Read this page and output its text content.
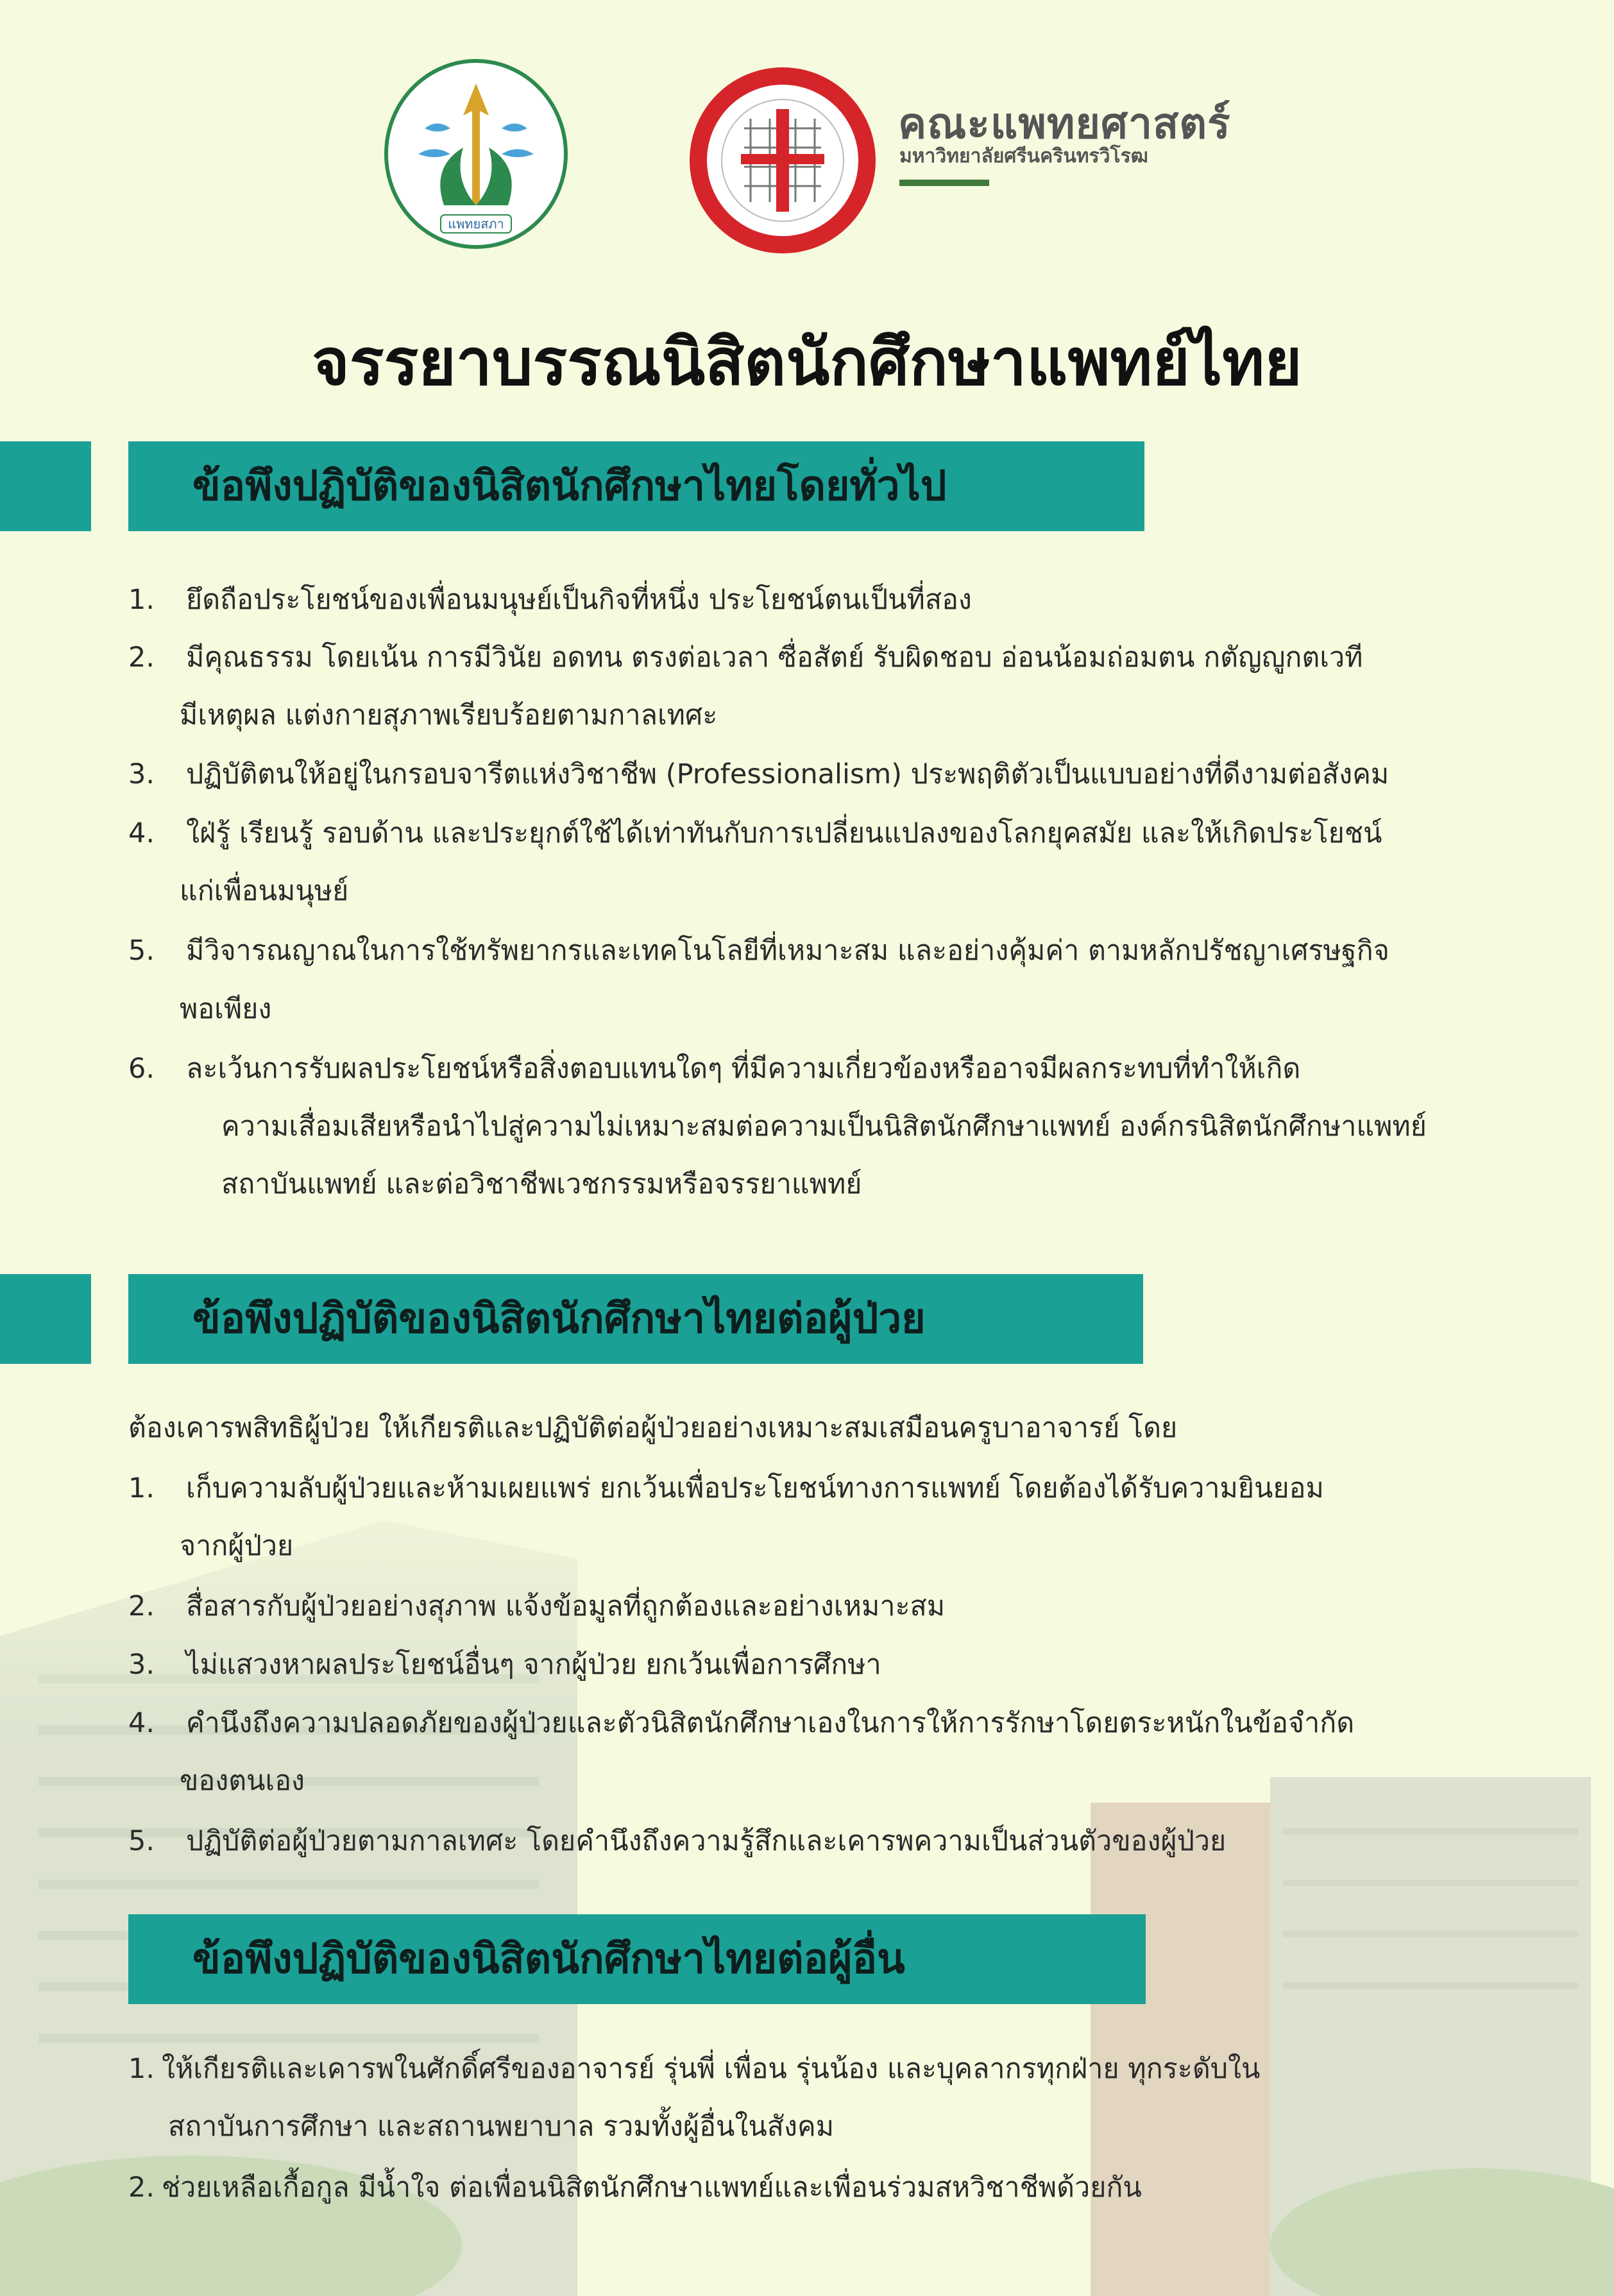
แพทยสภา
คณะแพทยศาสตร์
มหาวิทยาลัยศรีนครินทรวิโรฒ
จรรยาบรรณนิสิตนักศึกษาแพทย์ไทย
ข้อพึงปฏิบัติของนิสิตนักศึกษาไทยโดยทั่วไป
1. ยึดถือประโยชน์ของเพื่อนมนุษย์เป็นกิจที่หนึ่ง ประโยชน์ตนเป็นที่สอง
2. มีคุณธรรม โดยเน้น การมีวินัย อดทน ตรงต่อเวลา ซื่อสัตย์ รับผิดชอบ อ่อนน้อมถ่อมตน กตัญญูกตเวที
มีเหตุผล แต่งกายสุภาพเรียบร้อยตามกาลเทศะ
3. ปฏิบัติตนให้อยู่ในกรอบจารีตแห่งวิชาชีพ (Professionalism) ประพฤติตัวเป็นแบบอย่างที่ดีงามต่อสังคม
4. ใฝ่รู้ เรียนรู้ รอบด้าน และประยุกต์ใช้ได้เท่าทันกับการเปลี่ยนแปลงของโลกยุคสมัย และให้เกิดประโยชน์
แก่เพื่อนมนุษย์
5. มีวิจารณญาณในการใช้ทรัพยากรและเทคโนโลยีที่เหมาะสม และอย่างคุ้มค่า ตามหลักปรัชญาเศรษฐกิจ
พอเพียง
6. ละเว้นการรับผลประโยชน์หรือสิ่งตอบแทนใดๆ ที่มีความเกี่ยวข้องหรืออาจมีผลกระทบที่ทำให้เกิด
ความเสื่อมเสียหรือนำไปสู่ความไม่เหมาะสมต่อความเป็นนิสิตนักศึกษาแพทย์ องค์กรนิสิตนักศึกษาแพทย์
สถาบันแพทย์ และต่อวิชาชีพเวชกรรมหรือจรรยาแพทย์
ข้อพึงปฏิบัติของนิสิตนักศึกษาไทยต่อผู้ป่วย
ต้องเคารพสิทธิผู้ป่วย ให้เกียรติและปฏิบัติต่อผู้ป่วยอย่างเหมาะสมเสมือนครูบาอาจารย์ โดย
1. เก็บความลับผู้ป่วยและห้ามเผยแพร่ ยกเว้นเพื่อประโยชน์ทางการแพทย์ โดยต้องได้รับความยินยอม
จากผู้ป่วย
2. สื่อสารกับผู้ป่วยอย่างสุภาพ แจ้งข้อมูลที่ถูกต้องและอย่างเหมาะสม
3. ไม่แสวงหาผลประโยชน์อื่นๆ จากผู้ป่วย ยกเว้นเพื่อการศึกษา
4. คำนึงถึงความปลอดภัยของผู้ป่วยและตัวนิสิตนักศึกษาเองในการให้การรักษาโดยตระหนักในข้อจำกัด
ของตนเอง
5. ปฏิบัติต่อผู้ป่วยตามกาลเทศะ โดยคำนึงถึงความรู้สึกและเคารพความเป็นส่วนตัวของผู้ป่วย
ข้อพึงปฏิบัติของนิสิตนักศึกษาไทยต่อผู้อื่น
1. ให้เกียรติและเคารพในศักดิ์ศรีของอาจารย์ รุ่นพี่ เพื่อน รุ่นน้อง และบุคลากรทุกฝ่าย ทุกระดับใน
สถาบันการศึกษา และสถานพยาบาล รวมทั้งผู้อื่นในสังคม
2. ช่วยเหลือเกื้อกูล มีน้ำใจ ต่อเพื่อนนิสิตนักศึกษาแพทย์และเพื่อนร่วมสหวิชาชีพด้วยกัน
